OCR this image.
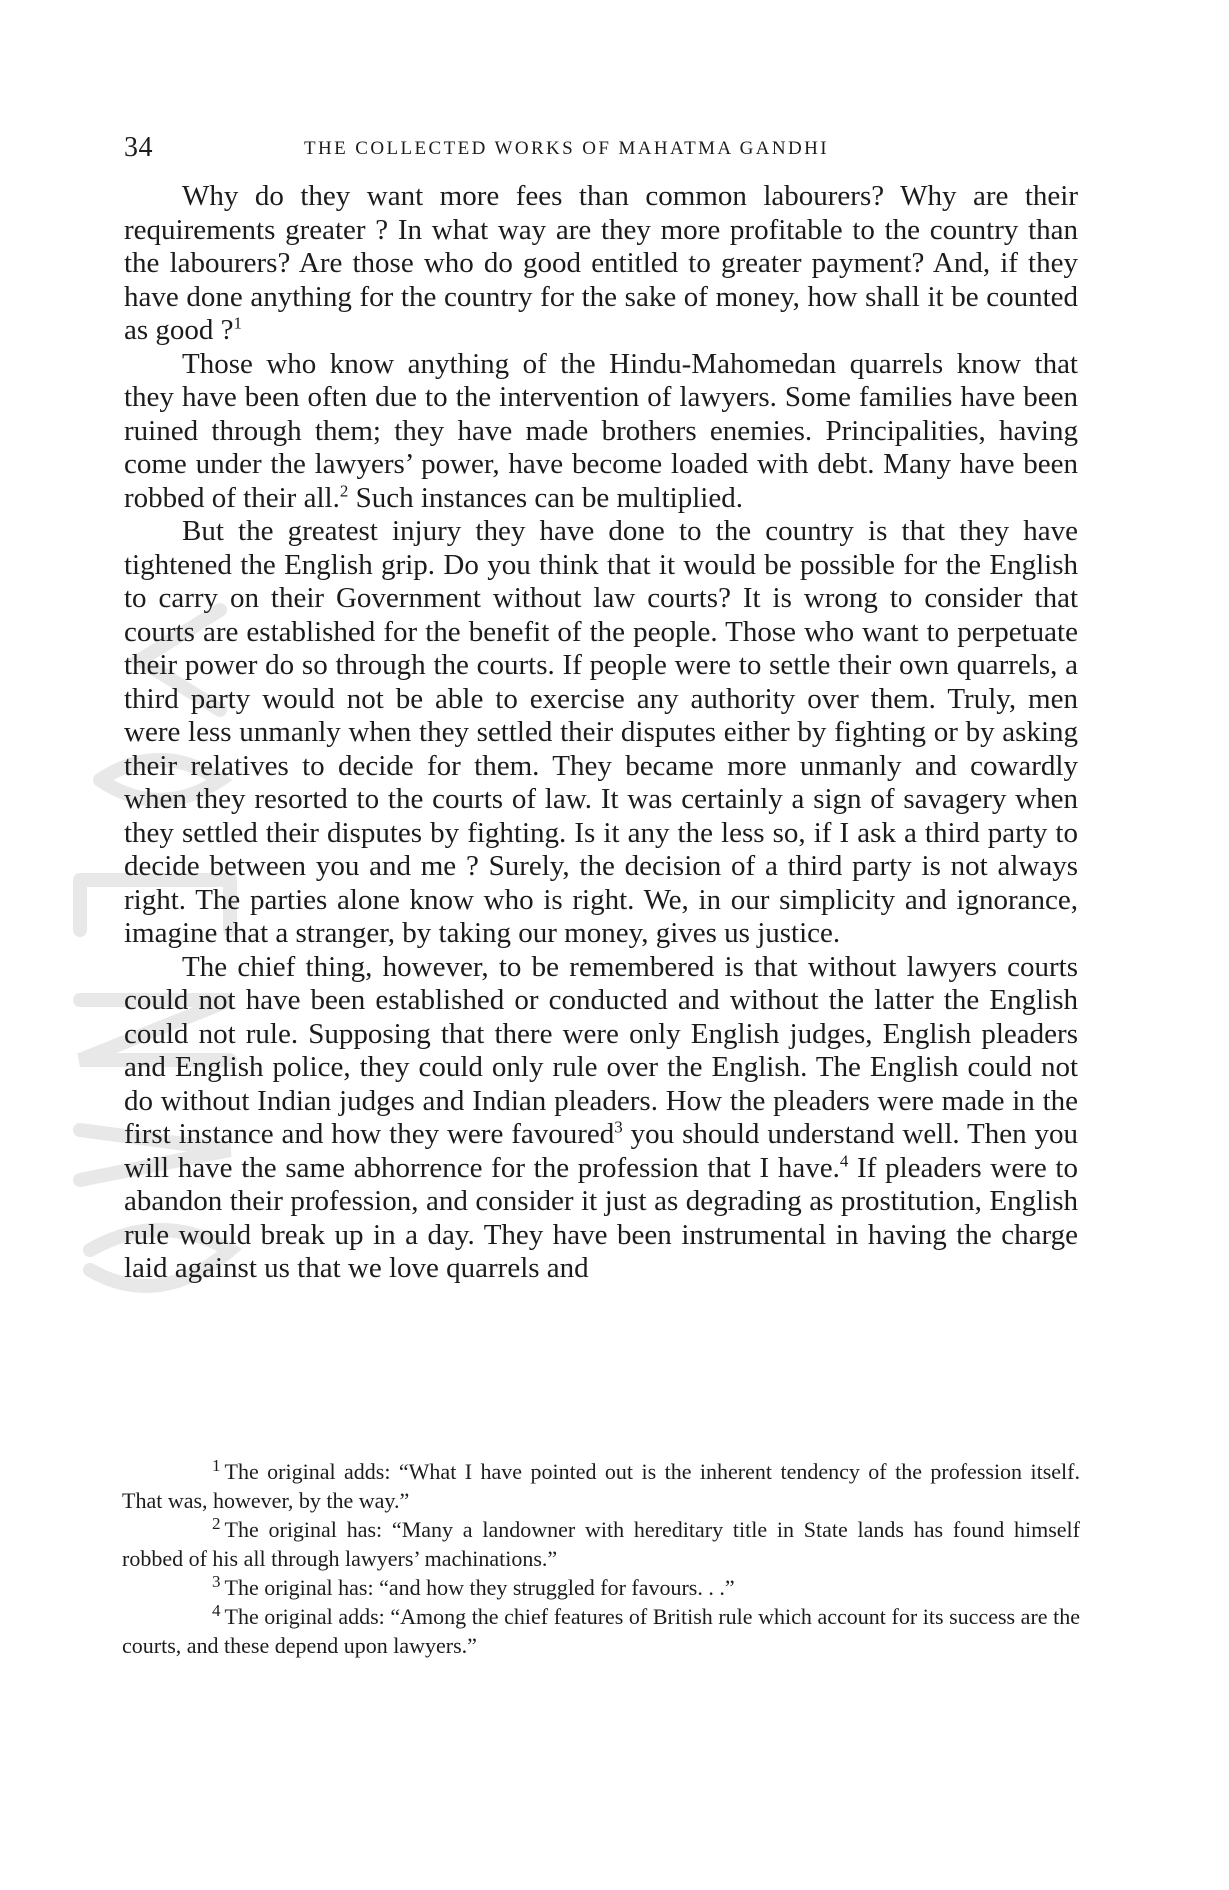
34	THE COLLECTED WORKS OF MAHATMA GANDHI

Why do they want more fees than common labourers? Why are their requirements greater ? In what way are they more profitable to the country than the labourers? Are those who do good entitled to greater payment? And, if they have done anything for the country for the sake of money, how shall it be counted as good ?$^1$

Those who know anything of the Hindu-Mahomedan quarrels know that they have been often due to the intervention of lawyers. Some families have been ruined through them; they have made brothers enemies. Principalities, having come under the lawyers’ power, have become loaded with debt. Many have been robbed of their all.$^2$ Such instances can be multiplied.

But the greatest injury they have done to the country is that they have tightened the English grip. Do you think that it would be possible for the English to carry on their Government without law courts? It is wrong to consider that courts are established for the benefit of the people. Those who want to perpetuate their power do so through the courts. If people were to settle their own quarrels, a third party would not be able to exercise any authority over them. Truly, men were less unmanly when they settled their disputes either by fighting or by asking their relatives to decide for them. They became more unmanly and cowardly when they resorted to the courts of law. It was certainly a sign of savagery when they settled their disputes by fighting. Is it any the less so, if I ask a third party to decide between you and me ? Surely, the decision of a third party is not always right. The parties alone know who is right. We, in our simplicity and ignorance, imagine that a stranger, by taking our money, gives us justice.

The chief thing, however, to be remembered is that without lawyers courts could not have been established or conducted and without the latter the English could not rule. Supposing that there were only English judges, English pleaders and English police, they could only rule over the English. The English could not do without Indian judges and Indian pleaders. How the pleaders were made in the first instance and how they were favoured$^3$ you should understand well. Then you will have the same abhorrence for the profession that I have.$^4$ If pleaders were to abandon their profession, and consider it just as degrading as prostitution, English rule would break up in a day. They have been instrumental in having the charge laid against us that we love quarrels and

$^1$ The original adds: “What I have pointed out is the inherent tendency of the profession itself. That was, however, by the way.”

$^2$ The original has: “Many a landowner with hereditary title in State lands has found himself robbed of his all through lawyers’ machinations.”

$^3$ The original has: “and how they struggled for favours. . .”

$^4$ The original adds: “Among the chief features of British rule which account for its success are the courts, and these depend upon lawyers.”
